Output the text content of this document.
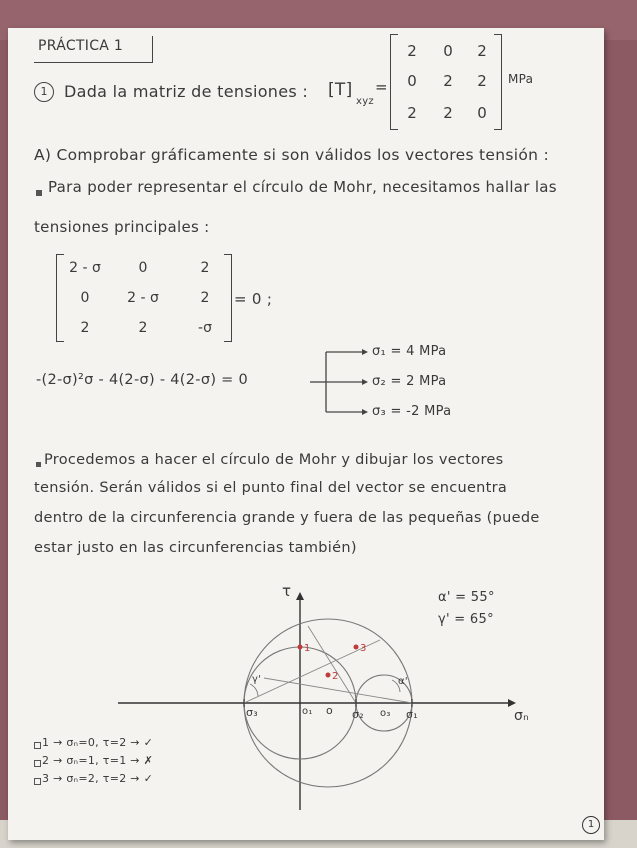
PRÁCTICA 1
1	Dada la matriz de tensiones : [T]
xyz
=
2	0	2
0	2	2
2	2	0
MPa
A) Comprobar gráficamente si son válidos los vectores tensión :
Para poder representar el círculo de Mohr, necesitamos hallar las
tensiones principales :
2 - σ	0	2
0	2 - σ	2
2	2	-σ
= 0 ;
-(2-σ)²σ - 4(2-σ) - 4(2-σ) = 0
σ₁ = 4 MPa
σ₂ = 2 MPa
σ₃ = -2 MPa
Procedemos a hacer el círculo de Mohr y dibujar los vectores
tensión. Serán válidos si el punto final del vector se encuentra
dentro de la circunferencia grande y fuera de las pequeñas (puede
estar justo en las circunferencias también)
1
2
3
τ
σₙ
α' = 55°
γ' = 65°
σ₃	o σ₂ o₃ σ₁
o₁
γ'	α'
1 → σₙ=0, τ=2 → ✓
2 → σₙ=1, τ=1 → ✗
3 → σₙ=2, τ=2 → ✓
1
